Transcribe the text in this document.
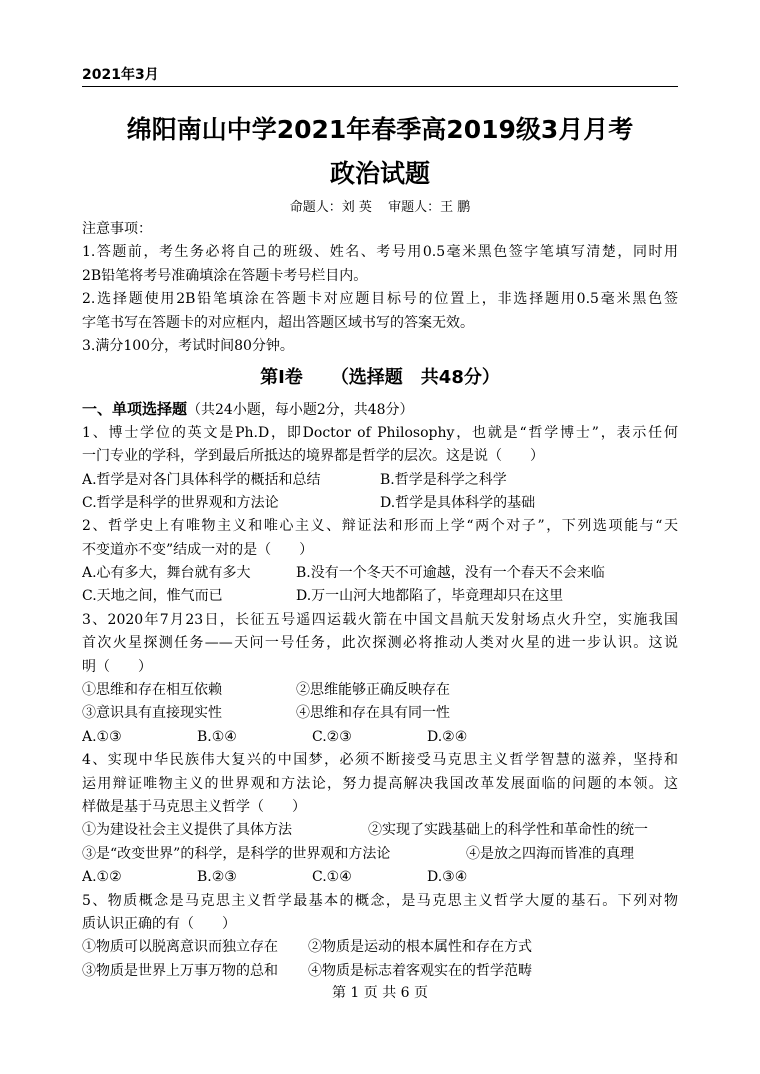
2021年3月
绵阳南山中学2021年春季高2019级3月月考
政治试题
命题人：刘 英 审题人：王 鹏
注意事项：
1.答题前，考生务必将自己的班级、姓名、考号用0.5毫米黑色签字笔填写清楚，同时用
2B铅笔将考号准确填涂在答题卡考号栏目内。
2.选择题使用2B铅笔填涂在答题卡对应题目标号的位置上，非选择题用0.5毫米黑色签
字笔书写在答题卡的对应框内，超出答题区域书写的答案无效。
3.满分100分，考试时间80分钟。
第Ⅰ卷 （选择题　共48分）
一、单项选择题（共24小题，每小题2分，共48分）
1、博士学位的英文是Ph.D，即Doctor of Philosophy，也就是“哲学博士”，表示任何
一门专业的学科，学到最后所抵达的境界都是哲学的层次。这是说（　　）
A.哲学是对各门具体科学的概括和总结	B.哲学是科学之科学
C.哲学是科学的世界观和方法论	D.哲学是具体科学的基础
2、哲学史上有唯物主义和唯心主义、辩证法和形而上学“两个对子”，下列选项能与“天
不变道亦不变”结成一对的是（　　）
A.心有多大，舞台就有多大	B.没有一个冬天不可逾越，没有一个春天不会来临
C.天地之间，惟气而已	D.万一山河大地都陷了，毕竟理却只在这里
3、2020年7月23日，长征五号遥四运载火箭在中国文昌航天发射场点火升空，实施我国
首次火星探测任务——天问一号任务，此次探测必将推动人类对火星的进一步认识。这说
明（　　）
①思维和存在相互依赖	②思维能够正确反映存在
③意识具有直接现实性	④思维和存在具有同一性
A.①③	B.①④	C.②③	D.②④
4、实现中华民族伟大复兴的中国梦，必须不断接受马克思主义哲学智慧的滋养，坚持和
运用辩证唯物主义的世界观和方法论，努力提高解决我国改革发展面临的问题的本领。这
样做是基于马克思主义哲学（　　）
①为建设社会主义提供了具体方法	②实现了实践基础上的科学性和革命性的统一
③是“改变世界”的科学，是科学的世界观和方法论	④是放之四海而皆准的真理
A.①②	B.②③	C.①④	D.③④
5、物质概念是马克思主义哲学最基本的概念，是马克思主义哲学大厦的基石。下列对物
质认识正确的有（　　）
①物质可以脱离意识而独立存在	②物质是运动的根本属性和存在方式
③物质是世界上万事万物的总和	④物质是标志着客观实在的哲学范畴
第 1 页 共 6 页
